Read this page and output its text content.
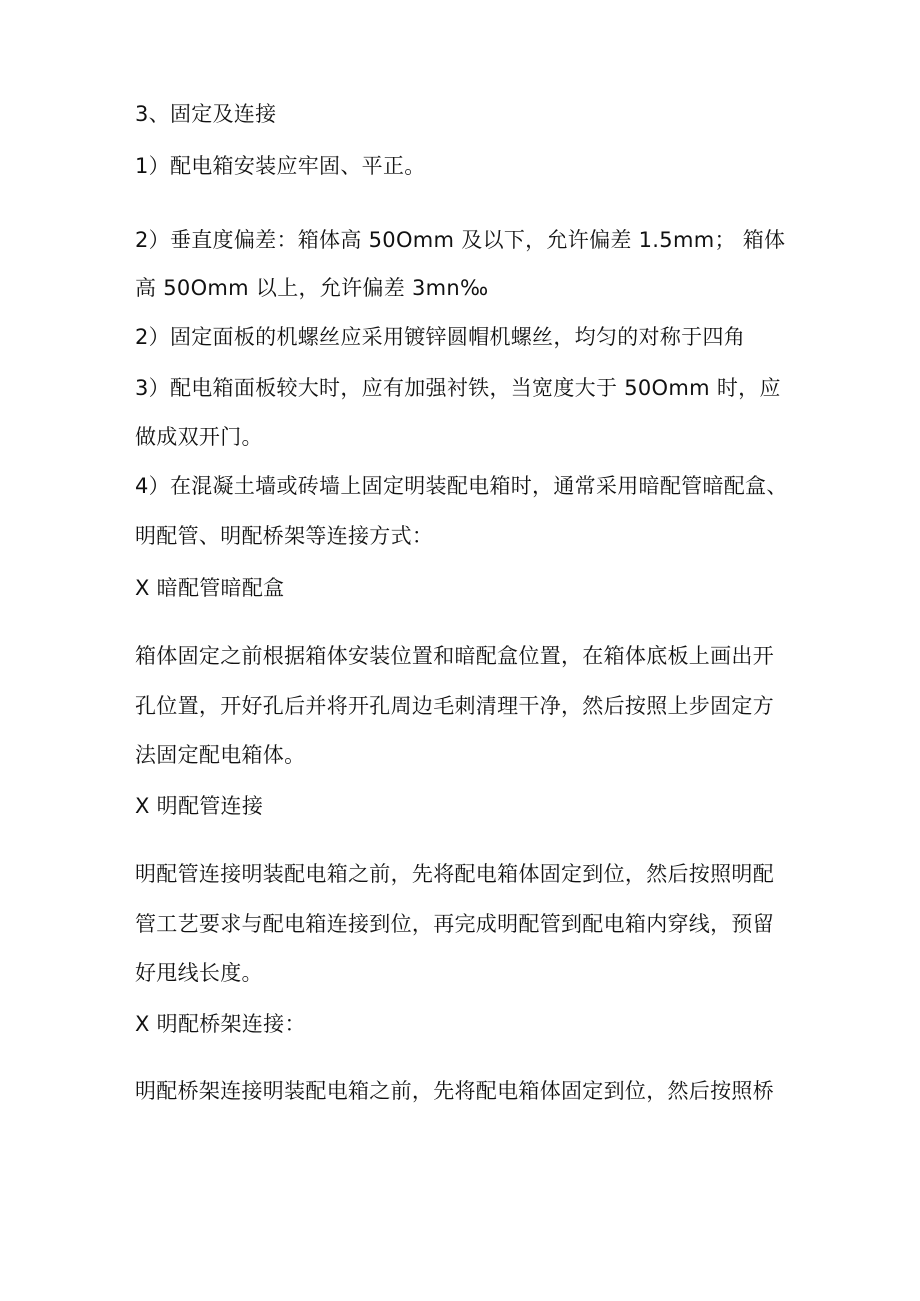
3、固定及连接
1）配电箱安装应牢固、平正。
2）垂直度偏差：箱体高 50Omm 及以下，允许偏差 1.5mm； 箱体
高 50Omm 以上，允许偏差 3mn‰
2）固定面板的机螺丝应采用镀锌圆帽机螺丝，均匀的对称于四角
3）配电箱面板较大时，应有加强衬铁，当宽度大于 50Omm 时，应
做成双开门。
4）在混凝土墙或砖墙上固定明装配电箱时，通常采用暗配管暗配盒、
明配管、明配桥架等连接方式：
X 暗配管暗配盒
箱体固定之前根据箱体安装位置和暗配盒位置，在箱体底板上画出开
孔位置，开好孔后并将开孔周边毛刺清理干净，然后按照上步固定方
法固定配电箱体。
X 明配管连接
明配管连接明装配电箱之前，先将配电箱体固定到位，然后按照明配
管工艺要求与配电箱连接到位，再完成明配管到配电箱内穿线，预留
好甩线长度。
X 明配桥架连接：
明配桥架连接明装配电箱之前，先将配电箱体固定到位，然后按照桥
